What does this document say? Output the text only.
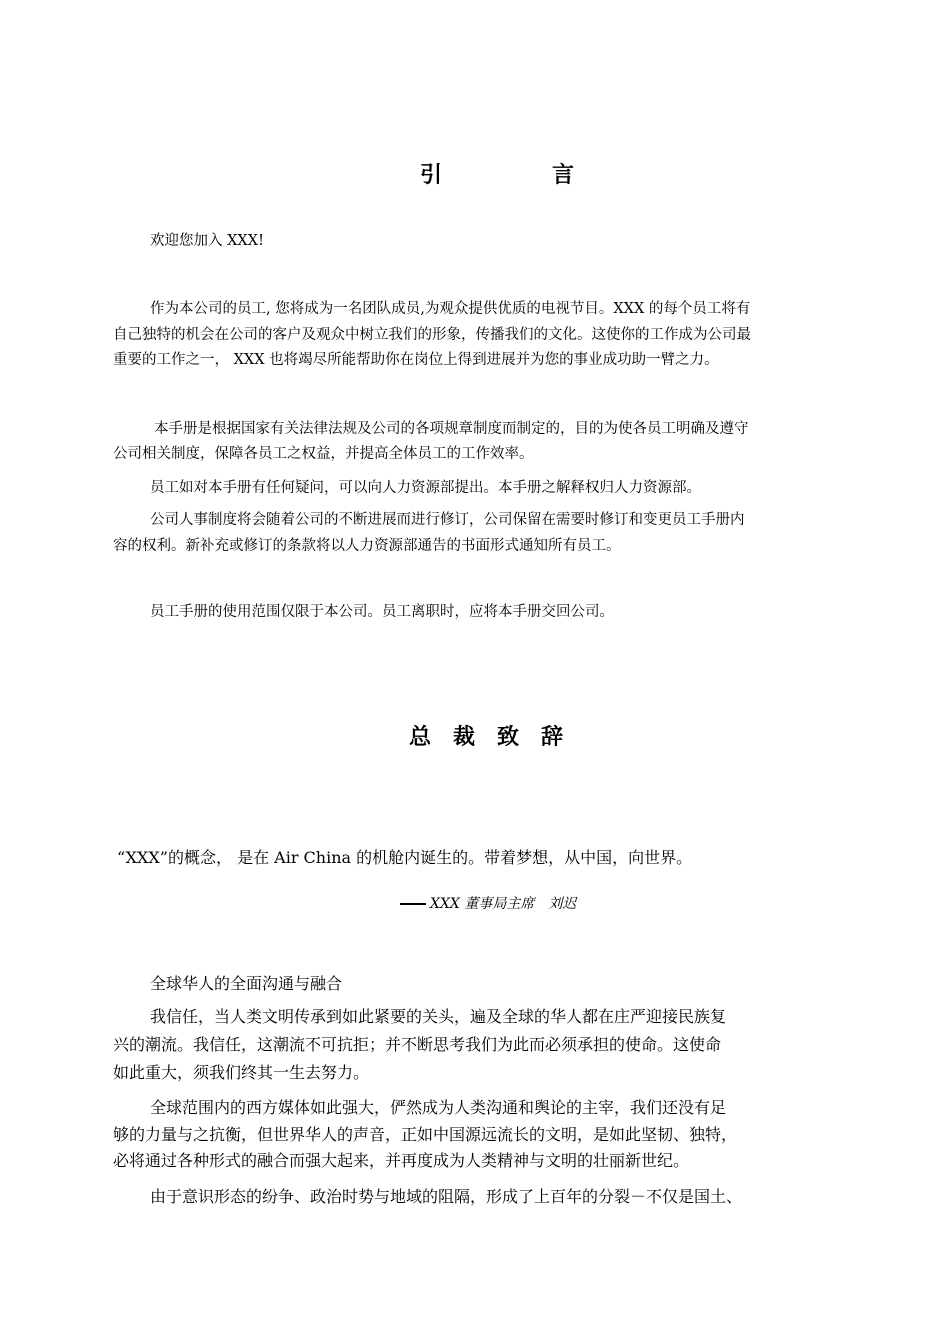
引　言

欢迎您加入 XXX!

作为本公司的员工, 您将成为一名团队成员,为观众提供优质的电视节目。XXX 的每个员工将有

自己独特的机会在公司的客户及观众中树立我们的形象，传播我们的文化。这使你的工作成为公司最

重要的工作之一， XXX 也将竭尽所能帮助你在岗位上得到进展并为您的事业成功助一臂之力。

本手册是根据国家有关法律法规及公司的各项规章制度而制定的，目的为使各员工明确及遵守

公司相关制度，保障各员工之权益，并提高全体员工的工作效率。

员工如对本手册有任何疑问，可以向人力资源部提出。本手册之解释权归人力资源部。

公司人事制度将会随着公司的不断进展而进行修订，公司保留在需要时修订和变更员工手册内

容的权利。新补充或修订的条款将以人力资源部通告的书面形式通知所有员工。

员工手册的使用范围仅限于本公司。员工离职时，应将本手册交回公司。

总裁致辞

“XXX”的概念， 是在 Air China 的机舱内诞生的。带着梦想，从中国，向世界。

XXX 董事局主席　刘迟

全球华人的全面沟通与融合

我信任，当人类文明传承到如此紧要的关头，遍及全球的华人都在庄严迎接民族复

兴的潮流。我信任，这潮流不可抗拒；并不断思考我们为此而必须承担的使命。这使命

如此重大，须我们终其一生去努力。

全球范围内的西方媒体如此强大，俨然成为人类沟通和舆论的主宰，我们还没有足

够的力量与之抗衡，但世界华人的声音，正如中国源远流长的文明，是如此坚韧、独特，

必将通过各种形式的融合而强大起来，并再度成为人类精神与文明的壮丽新世纪。

由于意识形态的纷争、政治时势与地域的阻隔，形成了上百年的分裂－不仅是国土、
